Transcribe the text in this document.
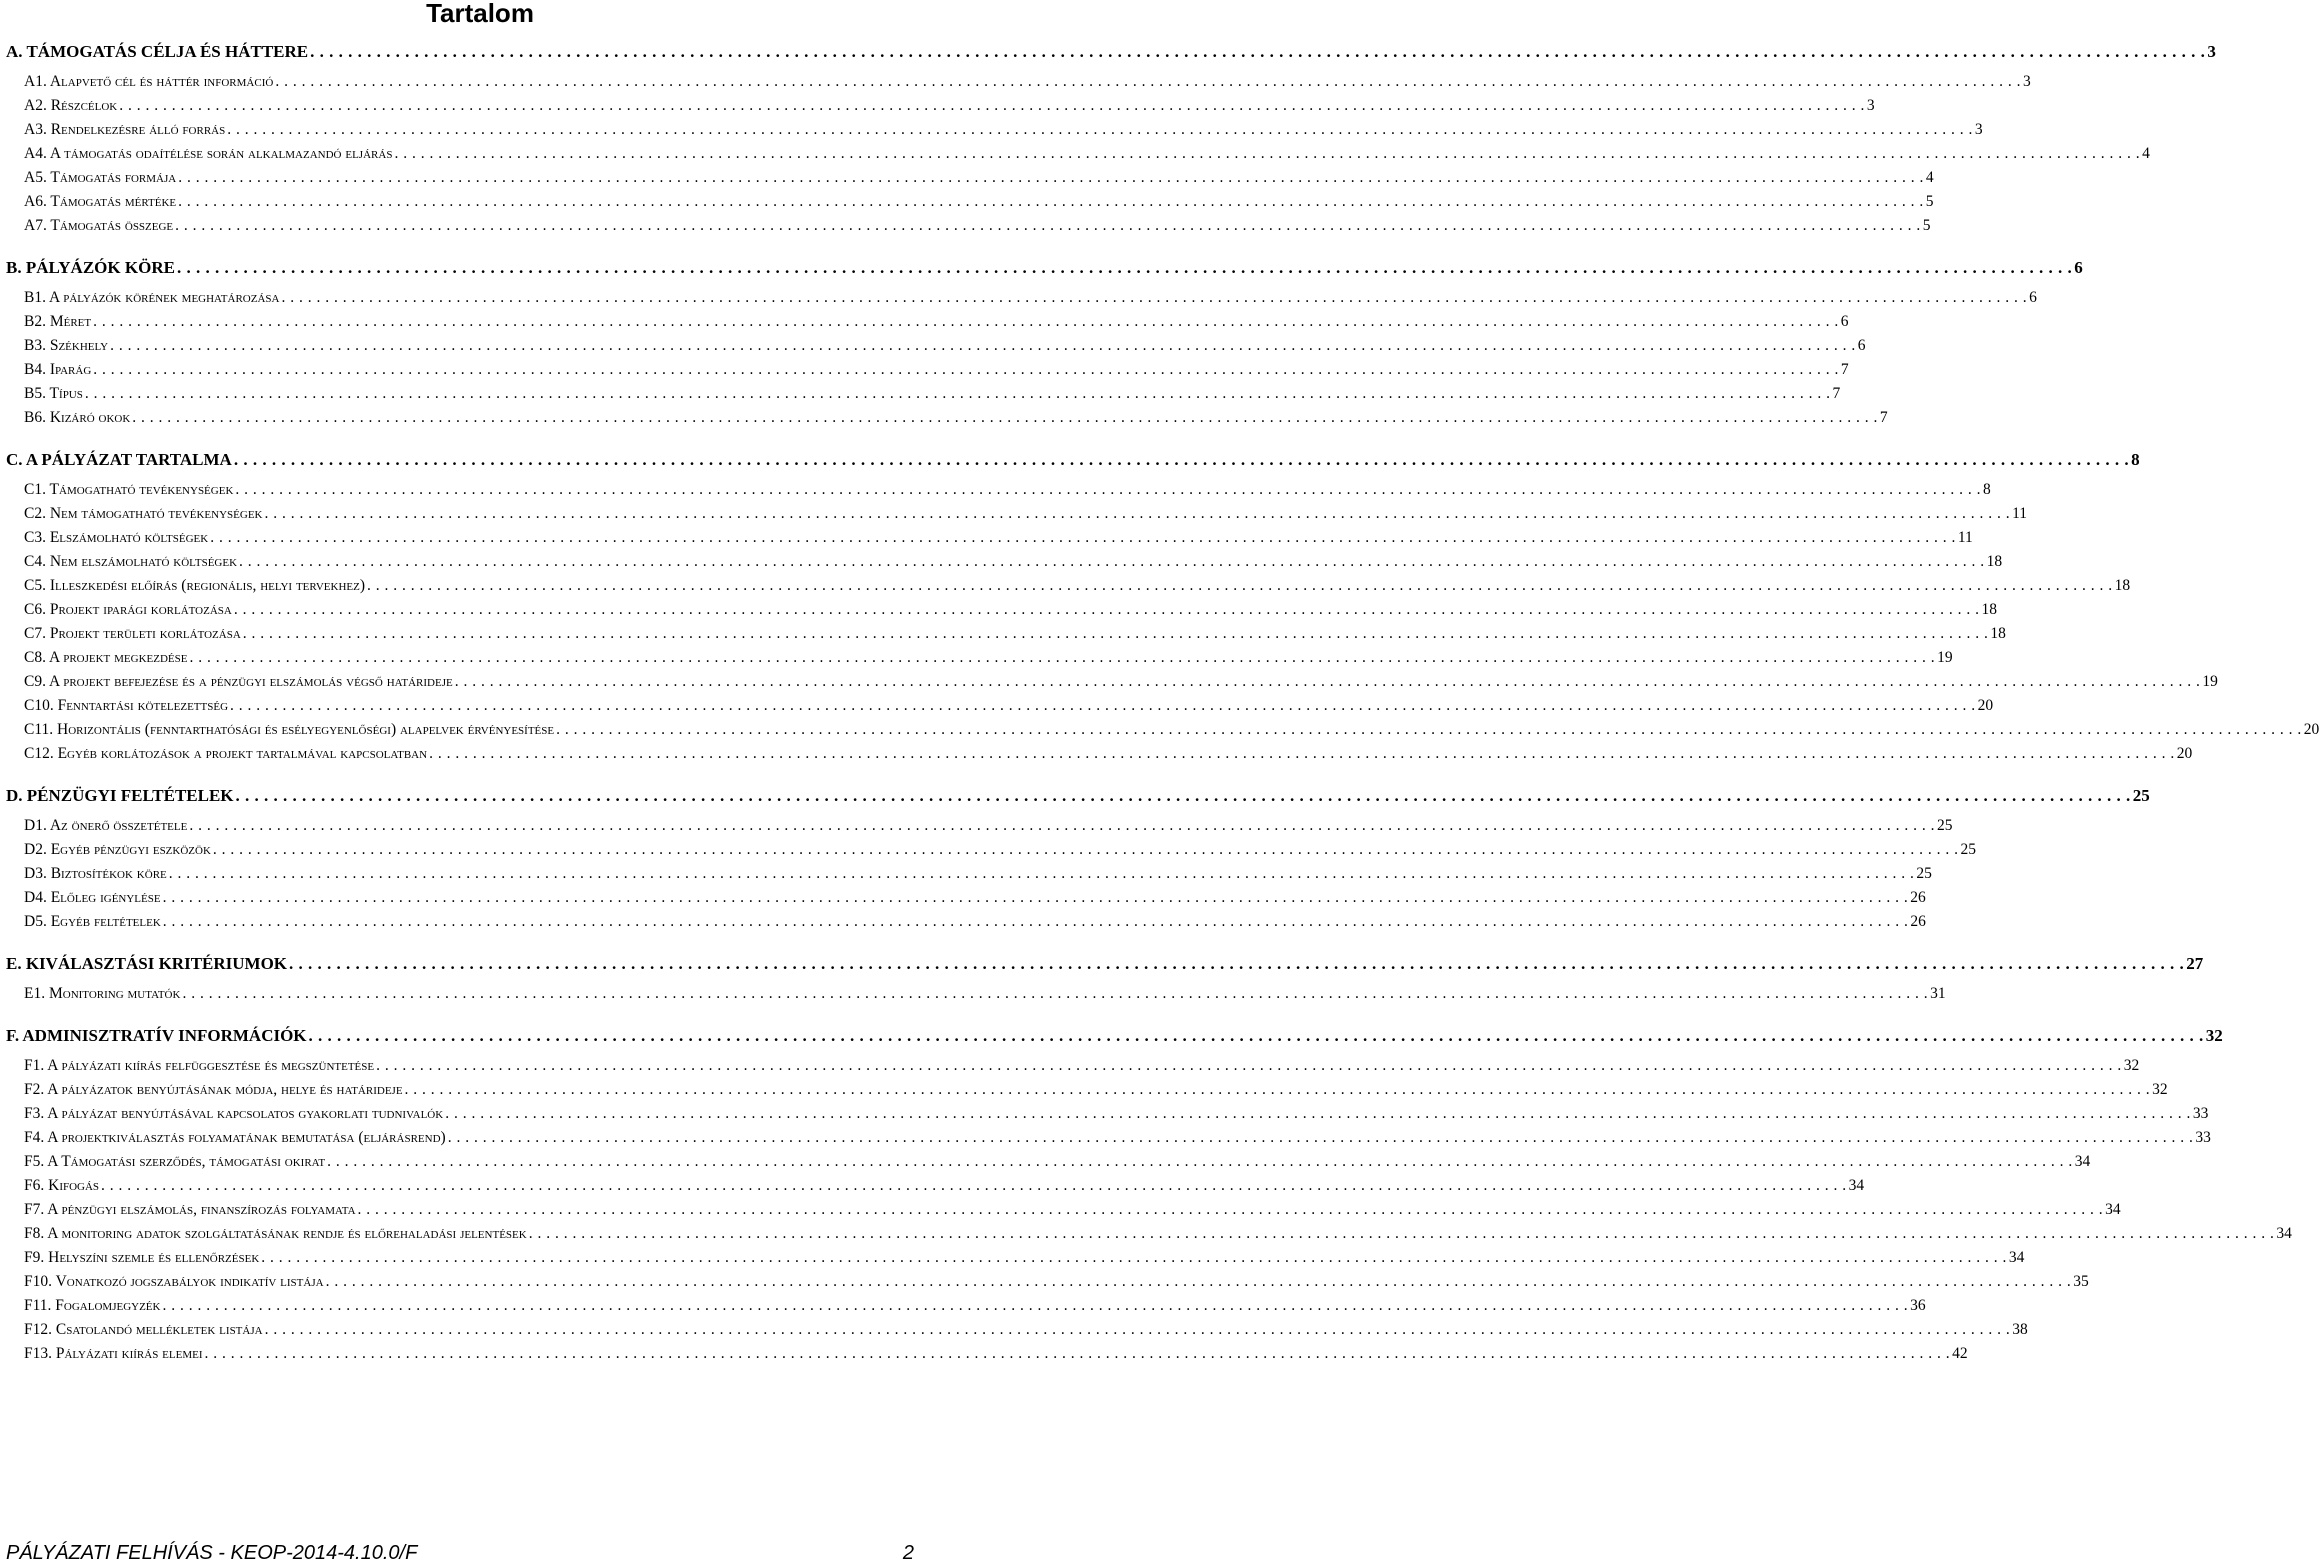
Tartalom
A. TÁMOGATÁS CÉLJA ÉS HÁTTERE . . . . . . . . . . . . . . . . . . . . . . . . . . . . . . . . . . . . . . . . . . . . . . . . . . . . . . . . . . . . . . . . . . . . . . . . . . . . . . . . . . . . . . . . . . . . . . . . . . . . . . . . . . . . . . . . . . . . . . . . . . . . . . . . . . . . . . . . . . . . . . . . . . . . . . . . . . . . . . . . . . . . . . . . . . . . . . . . . . . . . . . . . . . . . . . . . . . . . . . . 3
A1. Alapvető cél és háttér információ . . . . . . . . . . . . . . . . . . . . . . . . . . . . . . . . . . . . . . . . . . . . . . . . . . . . . . . . . . . . . . . . . . . . . . . . . . . . . . . . . . . . . . . . . . . . . . . . . . . . . . . . . . . . . . . . . . . . . . . . . . . . . . . . . . . . . . . . . . . . . . . . . . . . . . . . . . . . . . . . . . . . . . . . . . . . . . . . . . . . . . . . . . . . . . . . . . . . . . . . 3
A2. Részcélok . . . . . . . . . . . . . . . . . . . . . . . . . . . . . . . . . . . . . . . . . . . . . . . . . . . . . . . . . . . . . . . . . . . . . . . . . . . . . . . . . . . . . . . . . . . . . . . . . . . . . . . . . . . . . . . . . . . . . . . . . . . . . . . . . . . . . . . . . . . . . . . . . . . . . . . . . . . . . . . . . . . . . . . . . . . . . . . . . . . . . . . . . . . . . . . . . . . . . . . . 3
A3. Rendelkezésre álló forrás . . . . . . . . . . . . . . . . . . . . . . . . . . . . . . . . . . . . . . . . . . . . . . . . . . . . . . . . . . . . . . . . . . . . . . . . . . . . . . . . . . . . . . . . . . . . . . . . . . . . . . . . . . . . . . . . . . . . . . . . . . . . . . . . . . . . . . . . . . . . . . . . . . . . . . . . . . . . . . . . . . . . . . . . . . . . . . . . . . . . . . . . . . . . . . . . . . . . . . . . 3
A4. A támogatás odaítélése során alkalmazandó eljárás . . . . . . . . . . . . . . . . . . . . . . . . . . . . . . . . . . . . . . . . . . . . . . . . . . . . . . . . . . . . . . . . . . . . . . . . . . . . . . . . . . . . . . . . . . . . . . . . . . . . . . . . . . . . . . . . . . . . . . . . . . . . . . . . . . . . . . . . . . . . . . . . . . . . . . . . . . . . . . . . . . . . . . . . . . . . . . . . . . . . . . . . . . . . . . . . . . . . . . . . 4
A5. Támogatás formája . . . . . . . . . . . . . . . . . . . . . . . . . . . . . . . . . . . . . . . . . . . . . . . . . . . . . . . . . . . . . . . . . . . . . . . . . . . . . . . . . . . . . . . . . . . . . . . . . . . . . . . . . . . . . . . . . . . . . . . . . . . . . . . . . . . . . . . . . . . . . . . . . . . . . . . . . . . . . . . . . . . . . . . . . . . . . . . . . . . . . . . . . . . . . . . . . . . . . . . . 4
A6. Támogatás mértéke . . . . . . . . . . . . . . . . . . . . . . . . . . . . . . . . . . . . . . . . . . . . . . . . . . . . . . . . . . . . . . . . . . . . . . . . . . . . . . . . . . . . . . . . . . . . . . . . . . . . . . . . . . . . . . . . . . . . . . . . . . . . . . . . . . . . . . . . . . . . . . . . . . . . . . . . . . . . . . . . . . . . . . . . . . . . . . . . . . . . . . . . . . . . . . . . . . . . . . . . 5
A7. Támogatás összege . . . . . . . . . . . . . . . . . . . . . . . . . . . . . . . . . . . . . . . . . . . . . . . . . . . . . . . . . . . . . . . . . . . . . . . . . . . . . . . . . . . . . . . . . . . . . . . . . . . . . . . . . . . . . . . . . . . . . . . . . . . . . . . . . . . . . . . . . . . . . . . . . . . . . . . . . . . . . . . . . . . . . . . . . . . . . . . . . . . . . . . . . . . . . . . . . . . . . . . . 5
B. PÁLYÁZÓK KÖRE . . . . . . . . . . . . . . . . . . . . . . . . . . . . . . . . . . . . . . . . . . . . . . . . . . . . . . . . . . . . . . . . . . . . . . . . . . . . . . . . . . . . . . . . . . . . . . . . . . . . . . . . . . . . . . . . . . . . . . . . . . . . . . . . . . . . . . . . . . . . . . . . . . . . . . . . . . . . . . . . . . . . . . . . . . . . . . . . . . . . . . . . . . . . . . . . . . . . . . . . 6
B1. A pályázók körének meghatározása . . . . . . . . . . . . . . . . . . . . . . . . . . . . . . . . . . . . . . . . . . . . . . . . . . . . . . . . . . . . . . . . . . . . . . . . . . . . . . . . . . . . . . . . . . . . . . . . . . . . . . . . . . . . . . . . . . . . . . . . . . . . . . . . . . . . . . . . . . . . . . . . . . . . . . . . . . . . . . . . . . . . . . . . . . . . . . . . . . . . . . . . . . . . . . . . . . . . . . . . 6
B2. Méret . . . . . . . . . . . . . . . . . . . . . . . . . . . . . . . . . . . . . . . . . . . . . . . . . . . . . . . . . . . . . . . . . . . . . . . . . . . . . . . . . . . . . . . . . . . . . . . . . . . . . . . . . . . . . . . . . . . . . . . . . . . . . . . . . . . . . . . . . . . . . . . . . . . . . . . . . . . . . . . . . . . . . . . . . . . . . . . . . . . . . . . . . . . . . . . . . . . . . . . . 6
B3. Székhely . . . . . . . . . . . . . . . . . . . . . . . . . . . . . . . . . . . . . . . . . . . . . . . . . . . . . . . . . . . . . . . . . . . . . . . . . . . . . . . . . . . . . . . . . . . . . . . . . . . . . . . . . . . . . . . . . . . . . . . . . . . . . . . . . . . . . . . . . . . . . . . . . . . . . . . . . . . . . . . . . . . . . . . . . . . . . . . . . . . . . . . . . . . . . . . . . . . . . . . . 6
B4. Iparág . . . . . . . . . . . . . . . . . . . . . . . . . . . . . . . . . . . . . . . . . . . . . . . . . . . . . . . . . . . . . . . . . . . . . . . . . . . . . . . . . . . . . . . . . . . . . . . . . . . . . . . . . . . . . . . . . . . . . . . . . . . . . . . . . . . . . . . . . . . . . . . . . . . . . . . . . . . . . . . . . . . . . . . . . . . . . . . . . . . . . . . . . . . . . . . . . . . . . . . . 7
B5. Típus . . . . . . . . . . . . . . . . . . . . . . . . . . . . . . . . . . . . . . . . . . . . . . . . . . . . . . . . . . . . . . . . . . . . . . . . . . . . . . . . . . . . . . . . . . . . . . . . . . . . . . . . . . . . . . . . . . . . . . . . . . . . . . . . . . . . . . . . . . . . . . . . . . . . . . . . . . . . . . . . . . . . . . . . . . . . . . . . . . . . . . . . . . . . . . . . . . . . . . . . 7
B6. Kizáró okok . . . . . . . . . . . . . . . . . . . . . . . . . . . . . . . . . . . . . . . . . . . . . . . . . . . . . . . . . . . . . . . . . . . . . . . . . . . . . . . . . . . . . . . . . . . . . . . . . . . . . . . . . . . . . . . . . . . . . . . . . . . . . . . . . . . . . . . . . . . . . . . . . . . . . . . . . . . . . . . . . . . . . . . . . . . . . . . . . . . . . . . . . . . . . . . . . . . . . . . . 7
C. A PÁLYÁZAT TARTALMA . . . . . . . . . . . . . . . . . . . . . . . . . . . . . . . . . . . . . . . . . . . . . . . . . . . . . . . . . . . . . . . . . . . . . . . . . . . . . . . . . . . . . . . . . . . . . . . . . . . . . . . . . . . . . . . . . . . . . . . . . . . . . . . . . . . . . . . . . . . . . . . . . . . . . . . . . . . . . . . . . . . . . . . . . . . . . . . . . . . . . . . . . . . . . . . . . . . . . . . . 8
C1. Támogatható tevékenységek . . . . . . . . . . . . . . . . . . . . . . . . . . . . . . . . . . . . . . . . . . . . . . . . . . . . . . . . . . . . . . . . . . . . . . . . . . . . . . . . . . . . . . . . . . . . . . . . . . . . . . . . . . . . . . . . . . . . . . . . . . . . . . . . . . . . . . . . . . . . . . . . . . . . . . . . . . . . . . . . . . . . . . . . . . . . . . . . . . . . . . . . . . . . . . . . . . . . . . . . 8
C2. Nem támogatható tevékenységek . . . . . . . . . . . . . . . . . . . . . . . . . . . . . . . . . . . . . . . . . . . . . . . . . . . . . . . . . . . . . . . . . . . . . . . . . . . . . . . . . . . . . . . . . . . . . . . . . . . . . . . . . . . . . . . . . . . . . . . . . . . . . . . . . . . . . . . . . . . . . . . . . . . . . . . . . . . . . . . . . . . . . . . . . . . . . . . . . . . . . . . . . . . . . . . . . . . . . . . . 11
C3. Elszámolható költségek . . . . . . . . . . . . . . . . . . . . . . . . . . . . . . . . . . . . . . . . . . . . . . . . . . . . . . . . . . . . . . . . . . . . . . . . . . . . . . . . . . . . . . . . . . . . . . . . . . . . . . . . . . . . . . . . . . . . . . . . . . . . . . . . . . . . . . . . . . . . . . . . . . . . . . . . . . . . . . . . . . . . . . . . . . . . . . . . . . . . . . . . . . . . . . . . . . . . . . . . 11
C4. Nem elszámolható költségek . . . . . . . . . . . . . . . . . . . . . . . . . . . . . . . . . . . . . . . . . . . . . . . . . . . . . . . . . . . . . . . . . . . . . . . . . . . . . . . . . . . . . . . . . . . . . . . . . . . . . . . . . . . . . . . . . . . . . . . . . . . . . . . . . . . . . . . . . . . . . . . . . . . . . . . . . . . . . . . . . . . . . . . . . . . . . . . . . . . . . . . . . . . . . . . . . . . . . . . . 18
C5. Illeszkedési előírás (regionális, helyi tervekhez) . . . . . . . . . . . . . . . . . . . . . . . . . . . . . . . . . . . . . . . . . . . . . . . . . . . . . . . . . . . . . . . . . . . . . . . . . . . . . . . . . . . . . . . . . . . . . . . . . . . . . . . . . . . . . . . . . . . . . . . . . . . . . . . . . . . . . . . . . . . . . . . . . . . . . . . . . . . . . . . . . . . . . . . . . . . . . . . . . . . . . . . . . . . . . . . . . . . . . . . . 18
C6. Projekt iparági korlátozása . . . . . . . . . . . . . . . . . . . . . . . . . . . . . . . . . . . . . . . . . . . . . . . . . . . . . . . . . . . . . . . . . . . . . . . . . . . . . . . . . . . . . . . . . . . . . . . . . . . . . . . . . . . . . . . . . . . . . . . . . . . . . . . . . . . . . . . . . . . . . . . . . . . . . . . . . . . . . . . . . . . . . . . . . . . . . . . . . . . . . . . . . . . . . . . . . . . . . . . . 18
C7. Projekt területi korlátozása . . . . . . . . . . . . . . . . . . . . . . . . . . . . . . . . . . . . . . . . . . . . . . . . . . . . . . . . . . . . . . . . . . . . . . . . . . . . . . . . . . . . . . . . . . . . . . . . . . . . . . . . . . . . . . . . . . . . . . . . . . . . . . . . . . . . . . . . . . . . . . . . . . . . . . . . . . . . . . . . . . . . . . . . . . . . . . . . . . . . . . . . . . . . . . . . . . . . . . . . 18
C8. A projekt megkezdése . . . . . . . . . . . . . . . . . . . . . . . . . . . . . . . . . . . . . . . . . . . . . . . . . . . . . . . . . . . . . . . . . . . . . . . . . . . . . . . . . . . . . . . . . . . . . . . . . . . . . . . . . . . . . . . . . . . . . . . . . . . . . . . . . . . . . . . . . . . . . . . . . . . . . . . . . . . . . . . . . . . . . . . . . . . . . . . . . . . . . . . . . . . . . . . . . . . . . . . . 19
C9. A projekt befejezése és a pénzügyi elszámolás végső határideje . . . . . . . . . . . . . . . . . . . . . . . . . . . . . . . . . . . . . . . . . . . . . . . . . . . . . . . . . . . . . . . . . . . . . . . . . . . . . . . . . . . . . . . . . . . . . . . . . . . . . . . . . . . . . . . . . . . . . . . . . . . . . . . . . . . . . . . . . . . . . . . . . . . . . . . . . . . . . . . . . . . . . . . . . . . . . . . . . . . . . . . . . . . . . . . . . . . . . . . . 19
C10. Fenntartási kötelezettség . . . . . . . . . . . . . . . . . . . . . . . . . . . . . . . . . . . . . . . . . . . . . . . . . . . . . . . . . . . . . . . . . . . . . . . . . . . . . . . . . . . . . . . . . . . . . . . . . . . . . . . . . . . . . . . . . . . . . . . . . . . . . . . . . . . . . . . . . . . . . . . . . . . . . . . . . . . . . . . . . . . . . . . . . . . . . . . . . . . . . . . . . . . . . . . . . . . . . . . . 20
C11. Horizontális (fenntarthatósági és esélyegyenlőségi) alapelvek érvényesítése . . . . . . . . . . . . . . . . . . . . . . . . . . . . . . . . . . . . . . . . . . . . . . . . . . . . . . . . . . . . . . . . . . . . . . . . . . . . . . . . . . . . . . . . . . . . . . . . . . . . . . . . . . . . . . . . . . . . . . . . . . . . . . . . . . . . . . . . . . . . . . . . . . . . . . . . . . . . . . . . . . . . . . . . . . . . . . . . . . . . . . . . . . . . . . . . . . . . . . . . 20
C12. Egyéb korlátozások a projekt tartalmával kapcsolatban . . . . . . . . . . . . . . . . . . . . . . . . . . . . . . . . . . . . . . . . . . . . . . . . . . . . . . . . . . . . . . . . . . . . . . . . . . . . . . . . . . . . . . . . . . . . . . . . . . . . . . . . . . . . . . . . . . . . . . . . . . . . . . . . . . . . . . . . . . . . . . . . . . . . . . . . . . . . . . . . . . . . . . . . . . . . . . . . . . . . . . . . . . . . . . . . . . . . . . . . 20
D. PÉNZÜGYI FELTÉTELEK . . . . . . . . . . . . . . . . . . . . . . . . . . . . . . . . . . . . . . . . . . . . . . . . . . . . . . . . . . . . . . . . . . . . . . . . . . . . . . . . . . . . . . . . . . . . . . . . . . . . . . . . . . . . . . . . . . . . . . . . . . . . . . . . . . . . . . . . . . . . . . . . . . . . . . . . . . . . . . . . . . . . . . . . . . . . . . . . . . . . . . . . . . . . . . . . . . . . . . . . 25
D1. Az önerő összetétele . . . . . . . . . . . . . . . . . . . . . . . . . . . . . . . . . . . . . . . . . . . . . . . . . . . . . . . . . . . . . . . . . . . . . . . . . . . . . . . . . . . . . . . . . . . . . . . . . . . . . . . . . . . . . . . . . . . . . . . . . . . . . . . . . . . . . . . . . . . . . . . . . . . . . . . . . . . . . . . . . . . . . . . . . . . . . . . . . . . . . . . . . . . . . . . . . . . . . . . . 25
D2. Egyéb pénzügyi eszközök . . . . . . . . . . . . . . . . . . . . . . . . . . . . . . . . . . . . . . . . . . . . . . . . . . . . . . . . . . . . . . . . . . . . . . . . . . . . . . . . . . . . . . . . . . . . . . . . . . . . . . . . . . . . . . . . . . . . . . . . . . . . . . . . . . . . . . . . . . . . . . . . . . . . . . . . . . . . . . . . . . . . . . . . . . . . . . . . . . . . . . . . . . . . . . . . . . . . . . . . 25
D3. Biztosítékok köre . . . . . . . . . . . . . . . . . . . . . . . . . . . . . . . . . . . . . . . . . . . . . . . . . . . . . . . . . . . . . . . . . . . . . . . . . . . . . . . . . . . . . . . . . . . . . . . . . . . . . . . . . . . . . . . . . . . . . . . . . . . . . . . . . . . . . . . . . . . . . . . . . . . . . . . . . . . . . . . . . . . . . . . . . . . . . . . . . . . . . . . . . . . . . . . . . . . . . . . . 25
D4. Előleg igénylése . . . . . . . . . . . . . . . . . . . . . . . . . . . . . . . . . . . . . . . . . . . . . . . . . . . . . . . . . . . . . . . . . . . . . . . . . . . . . . . . . . . . . . . . . . . . . . . . . . . . . . . . . . . . . . . . . . . . . . . . . . . . . . . . . . . . . . . . . . . . . . . . . . . . . . . . . . . . . . . . . . . . . . . . . . . . . . . . . . . . . . . . . . . . . . . . . . . . . . . . 26
D5. Egyéb feltételek . . . . . . . . . . . . . . . . . . . . . . . . . . . . . . . . . . . . . . . . . . . . . . . . . . . . . . . . . . . . . . . . . . . . . . . . . . . . . . . . . . . . . . . . . . . . . . . . . . . . . . . . . . . . . . . . . . . . . . . . . . . . . . . . . . . . . . . . . . . . . . . . . . . . . . . . . . . . . . . . . . . . . . . . . . . . . . . . . . . . . . . . . . . . . . . . . . . . . . . . 26
E. KIVÁLASZTÁSI KRITÉRIUMOK . . . . . . . . . . . . . . . . . . . . . . . . . . . . . . . . . . . . . . . . . . . . . . . . . . . . . . . . . . . . . . . . . . . . . . . . . . . . . . . . . . . . . . . . . . . . . . . . . . . . . . . . . . . . . . . . . . . . . . . . . . . . . . . . . . . . . . . . . . . . . . . . . . . . . . . . . . . . . . . . . . . . . . . . . . . . . . . . . . . . . . . . . . . . . . . . . . . . . . . . 27
E1. Monitoring mutatók . . . . . . . . . . . . . . . . . . . . . . . . . . . . . . . . . . . . . . . . . . . . . . . . . . . . . . . . . . . . . . . . . . . . . . . . . . . . . . . . . . . . . . . . . . . . . . . . . . . . . . . . . . . . . . . . . . . . . . . . . . . . . . . . . . . . . . . . . . . . . . . . . . . . . . . . . . . . . . . . . . . . . . . . . . . . . . . . . . . . . . . . . . . . . . . . . . . . . . . . 31
F. ADMINISZTRATÍV INFORMÁCIÓK . . . . . . . . . . . . . . . . . . . . . . . . . . . . . . . . . . . . . . . . . . . . . . . . . . . . . . . . . . . . . . . . . . . . . . . . . . . . . . . . . . . . . . . . . . . . . . . . . . . . . . . . . . . . . . . . . . . . . . . . . . . . . . . . . . . . . . . . . . . . . . . . . . . . . . . . . . . . . . . . . . . . . . . . . . . . . . . . . . . . . . . . . . . . . . . . . . . . . . . . 32
F1. A pályázati kiírás felfüggesztése és megszüntetése . . . . . . . . . . . . . . . . . . . . . . . . . . . . . . . . . . . . . . . . . . . . . . . . . . . . . . . . . . . . . . . . . . . . . . . . . . . . . . . . . . . . . . . . . . . . . . . . . . . . . . . . . . . . . . . . . . . . . . . . . . . . . . . . . . . . . . . . . . . . . . . . . . . . . . . . . . . . . . . . . . . . . . . . . . . . . . . . . . . . . . . . . . . . . . . . . . . . . . . . 32
F2. A pályázatok benyújtásának módja, helye és határideje . . . . . . . . . . . . . . . . . . . . . . . . . . . . . . . . . . . . . . . . . . . . . . . . . . . . . . . . . . . . . . . . . . . . . . . . . . . . . . . . . . . . . . . . . . . . . . . . . . . . . . . . . . . . . . . . . . . . . . . . . . . . . . . . . . . . . . . . . . . . . . . . . . . . . . . . . . . . . . . . . . . . . . . . . . . . . . . . . . . . . . . . . . . . . . . . . . . . . . . . 32
F3. A pályázat benyújtásával kapcsolatos gyakorlati tudnivalók . . . . . . . . . . . . . . . . . . . . . . . . . . . . . . . . . . . . . . . . . . . . . . . . . . . . . . . . . . . . . . . . . . . . . . . . . . . . . . . . . . . . . . . . . . . . . . . . . . . . . . . . . . . . . . . . . . . . . . . . . . . . . . . . . . . . . . . . . . . . . . . . . . . . . . . . . . . . . . . . . . . . . . . . . . . . . . . . . . . . . . . . . . . . . . . . . . . . . . . . 33
F4. A projektkiválasztás folyamatának bemutatása (eljárásrend) . . . . . . . . . . . . . . . . . . . . . . . . . . . . . . . . . . . . . . . . . . . . . . . . . . . . . . . . . . . . . . . . . . . . . . . . . . . . . . . . . . . . . . . . . . . . . . . . . . . . . . . . . . . . . . . . . . . . . . . . . . . . . . . . . . . . . . . . . . . . . . . . . . . . . . . . . . . . . . . . . . . . . . . . . . . . . . . . . . . . . . . . . . . . . . . . . . . . . . . . 33
F5. A Támogatási szerződés, támogatási okirat . . . . . . . . . . . . . . . . . . . . . . . . . . . . . . . . . . . . . . . . . . . . . . . . . . . . . . . . . . . . . . . . . . . . . . . . . . . . . . . . . . . . . . . . . . . . . . . . . . . . . . . . . . . . . . . . . . . . . . . . . . . . . . . . . . . . . . . . . . . . . . . . . . . . . . . . . . . . . . . . . . . . . . . . . . . . . . . . . . . . . . . . . . . . . . . . . . . . . . . . 34
F6. Kifogás . . . . . . . . . . . . . . . . . . . . . . . . . . . . . . . . . . . . . . . . . . . . . . . . . . . . . . . . . . . . . . . . . . . . . . . . . . . . . . . . . . . . . . . . . . . . . . . . . . . . . . . . . . . . . . . . . . . . . . . . . . . . . . . . . . . . . . . . . . . . . . . . . . . . . . . . . . . . . . . . . . . . . . . . . . . . . . . . . . . . . . . . . . . . . . . . . . . . . . . . 34
F7. A pénzügyi elszámolás, finanszírozás folyamata . . . . . . . . . . . . . . . . . . . . . . . . . . . . . . . . . . . . . . . . . . . . . . . . . . . . . . . . . . . . . . . . . . . . . . . . . . . . . . . . . . . . . . . . . . . . . . . . . . . . . . . . . . . . . . . . . . . . . . . . . . . . . . . . . . . . . . . . . . . . . . . . . . . . . . . . . . . . . . . . . . . . . . . . . . . . . . . . . . . . . . . . . . . . . . . . . . . . . . . . 34
F8. A monitoring adatok szolgáltatásának rendje és előrehaladási jelentések . . . . . . . . . . . . . . . . . . . . . . . . . . . . . . . . . . . . . . . . . . . . . . . . . . . . . . . . . . . . . . . . . . . . . . . . . . . . . . . . . . . . . . . . . . . . . . . . . . . . . . . . . . . . . . . . . . . . . . . . . . . . . . . . . . . . . . . . . . . . . . . . . . . . . . . . . . . . . . . . . . . . . . . . . . . . . . . . . . . . . . . . . . . . . . . . . . . . . . . . 34
F9. Helyszíni szemle és ellenőrzések . . . . . . . . . . . . . . . . . . . . . . . . . . . . . . . . . . . . . . . . . . . . . . . . . . . . . . . . . . . . . . . . . . . . . . . . . . . . . . . . . . . . . . . . . . . . . . . . . . . . . . . . . . . . . . . . . . . . . . . . . . . . . . . . . . . . . . . . . . . . . . . . . . . . . . . . . . . . . . . . . . . . . . . . . . . . . . . . . . . . . . . . . . . . . . . . . . . . . . . . 34
F10. Vonatkozó jogszabályok indikatív listája . . . . . . . . . . . . . . . . . . . . . . . . . . . . . . . . . . . . . . . . . . . . . . . . . . . . . . . . . . . . . . . . . . . . . . . . . . . . . . . . . . . . . . . . . . . . . . . . . . . . . . . . . . . . . . . . . . . . . . . . . . . . . . . . . . . . . . . . . . . . . . . . . . . . . . . . . . . . . . . . . . . . . . . . . . . . . . . . . . . . . . . . . . . . . . . . . . . . . . . . 35
F11. Fogalomjegyzék . . . . . . . . . . . . . . . . . . . . . . . . . . . . . . . . . . . . . . . . . . . . . . . . . . . . . . . . . . . . . . . . . . . . . . . . . . . . . . . . . . . . . . . . . . . . . . . . . . . . . . . . . . . . . . . . . . . . . . . . . . . . . . . . . . . . . . . . . . . . . . . . . . . . . . . . . . . . . . . . . . . . . . . . . . . . . . . . . . . . . . . . . . . . . . . . . . . . . . . . 36
F12. Csatolandó mellékletek listája . . . . . . . . . . . . . . . . . . . . . . . . . . . . . . . . . . . . . . . . . . . . . . . . . . . . . . . . . . . . . . . . . . . . . . . . . . . . . . . . . . . . . . . . . . . . . . . . . . . . . . . . . . . . . . . . . . . . . . . . . . . . . . . . . . . . . . . . . . . . . . . . . . . . . . . . . . . . . . . . . . . . . . . . . . . . . . . . . . . . . . . . . . . . . . . . . . . . . . . . 38
F13. Pályázati kiírás elemei . . . . . . . . . . . . . . . . . . . . . . . . . . . . . . . . . . . . . . . . . . . . . . . . . . . . . . . . . . . . . . . . . . . . . . . . . . . . . . . . . . . . . . . . . . . . . . . . . . . . . . . . . . . . . . . . . . . . . . . . . . . . . . . . . . . . . . . . . . . . . . . . . . . . . . . . . . . . . . . . . . . . . . . . . . . . . . . . . . . . . . . . . . . . . . . . . . . . . . . . 42
PÁLYÁZATI FELHÍVÁS - KEOP-2014-4.10.0/F	2
